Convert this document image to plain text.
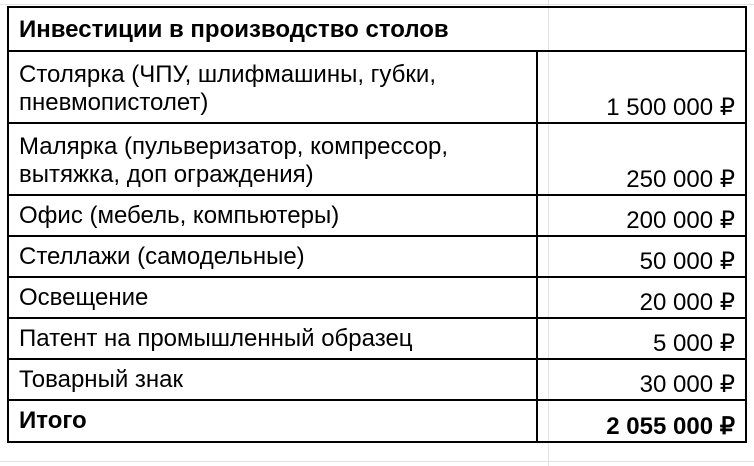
Инвестиции в производство столов	
Столярка (ЧПУ, шлифмашины, губки, пневмопистолет)	1 500 000 ₽
Малярка (пульверизатор, компрессор, вытяжка, доп ограждения)	250 000 ₽
Офис (мебель, компьютеры)	200 000 ₽
Стеллажи (самодельные)	50 000 ₽
Освещение	20 000 ₽
Патент на промышленный образец	5 000 ₽
Товарный знак	30 000 ₽
Итого	2 055 000 ₽
